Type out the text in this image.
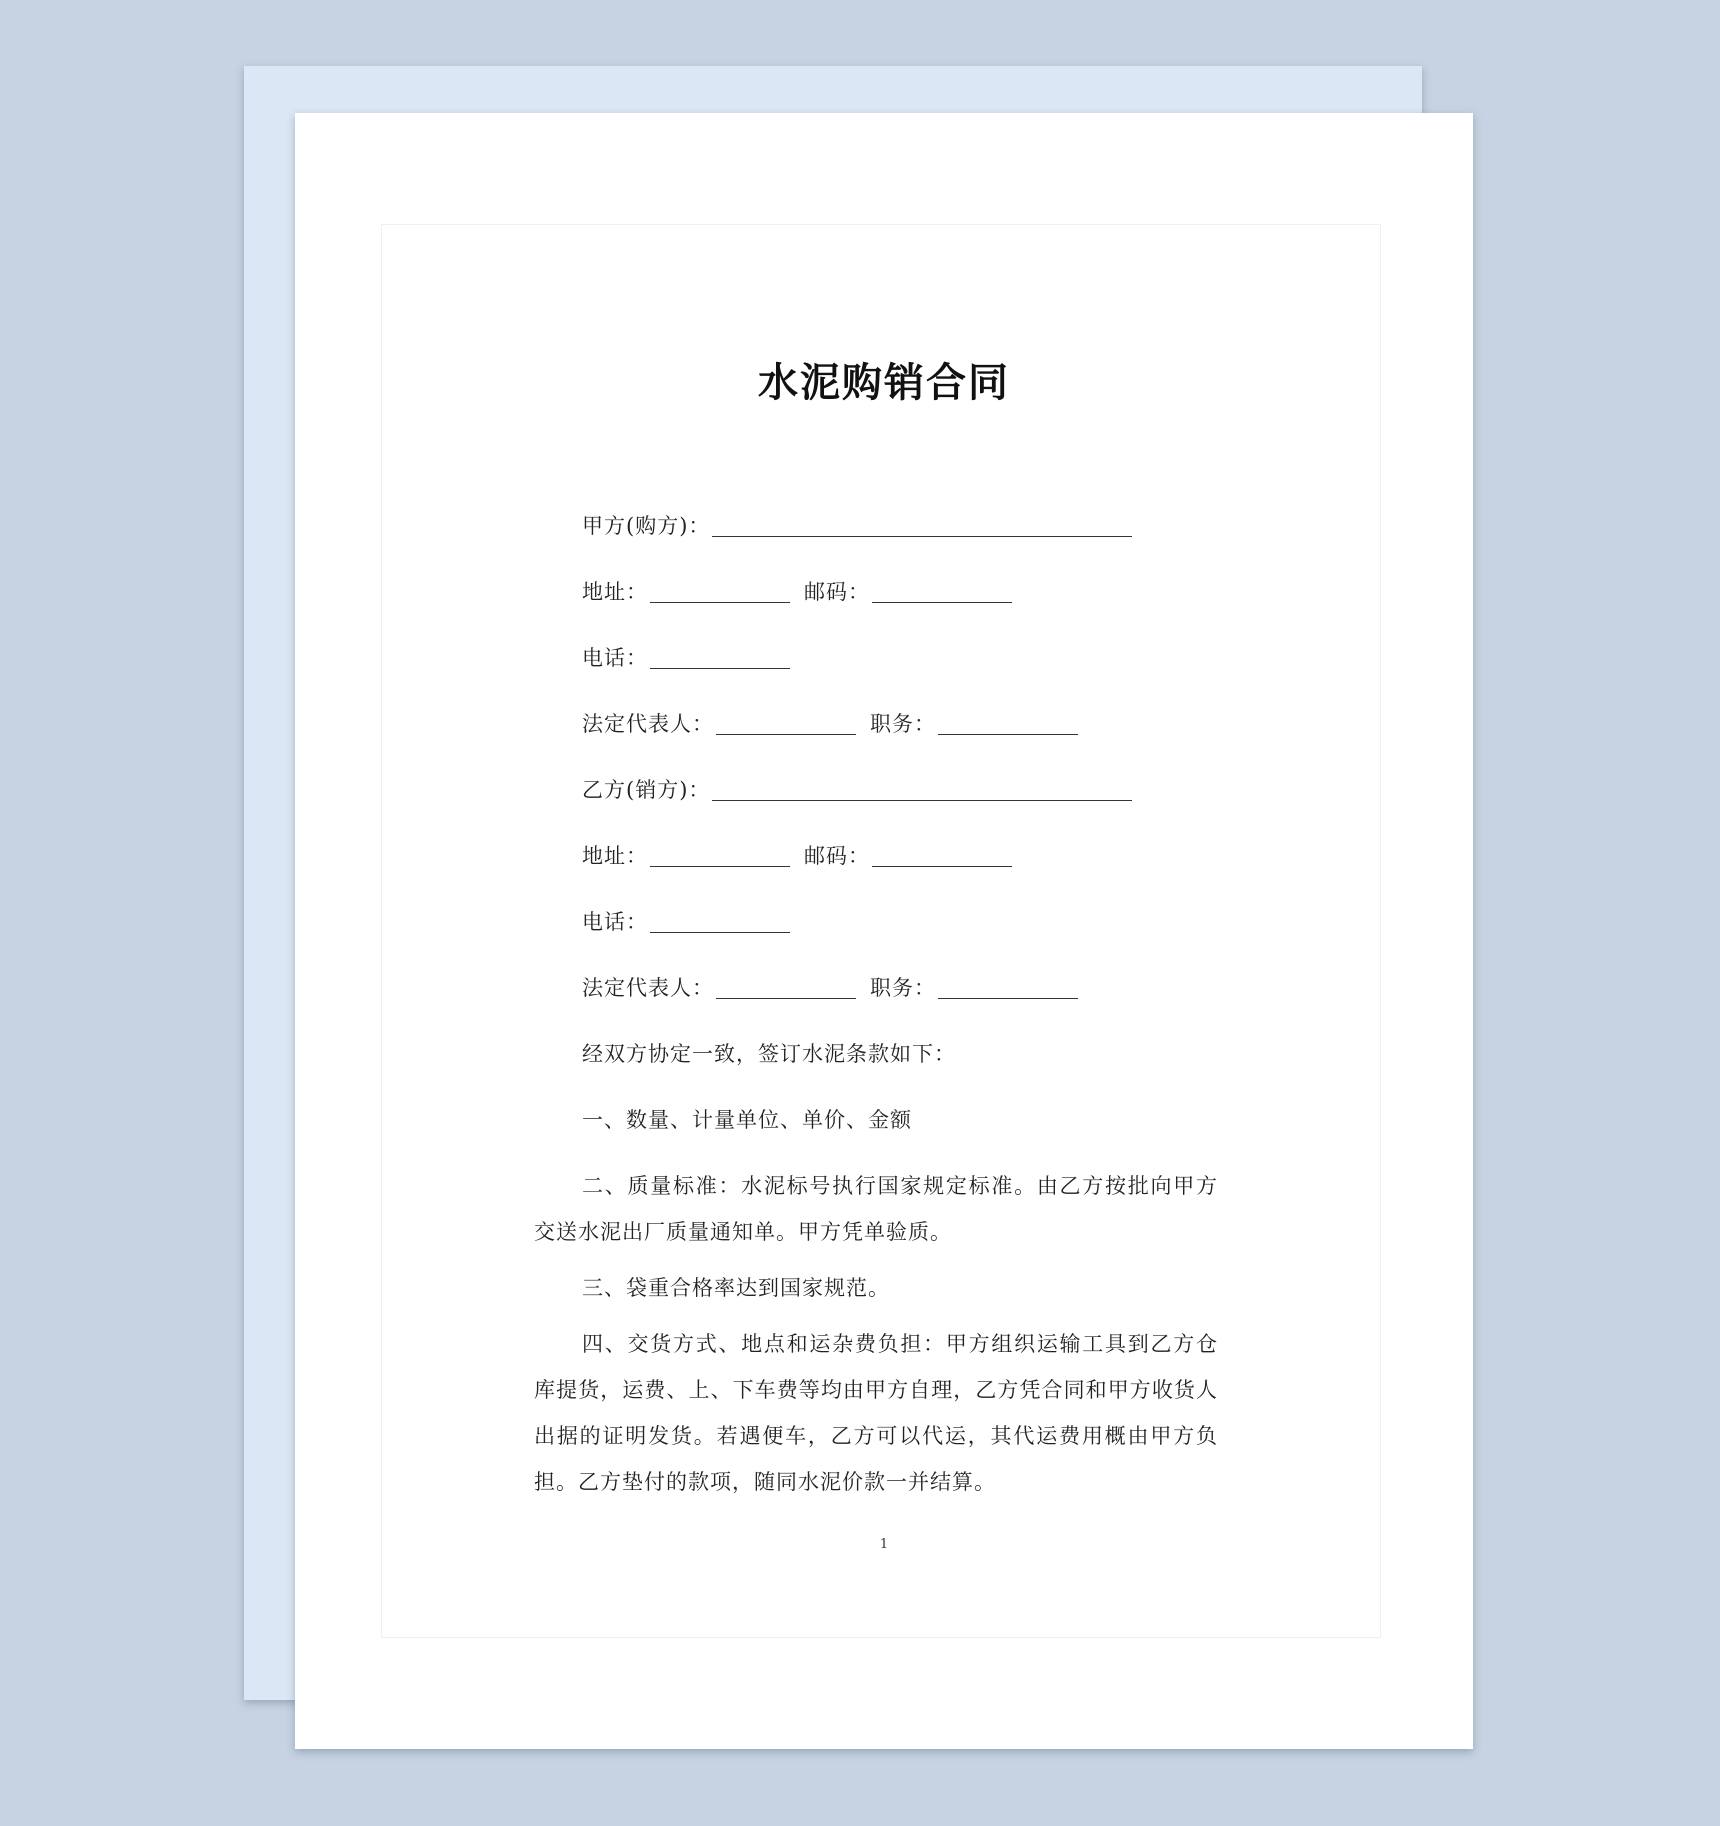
水泥购销合同
甲方(购方)：
地址：	邮码：
电话：
法定代表人：	职务：
乙方(销方)：
地址：	邮码：
电话：
法定代表人：	职务：
经双方协定一致，签订水泥条款如下：
一、数量、计量单位、单价、金额
二、质量标准：水泥标号执行国家规定标准。由乙方按批向甲方交送水泥出厂质量通知单。甲方凭单验质。
三、袋重合格率达到国家规范。
四、交货方式、地点和运杂费负担：甲方组织运输工具到乙方仓库提货，运费、上、下车费等均由甲方自理，乙方凭合同和甲方收货人出据的证明发货。若遇便车，乙方可以代运，其代运费用概由甲方负担。乙方垫付的款项，随同水泥价款一并结算。
1
